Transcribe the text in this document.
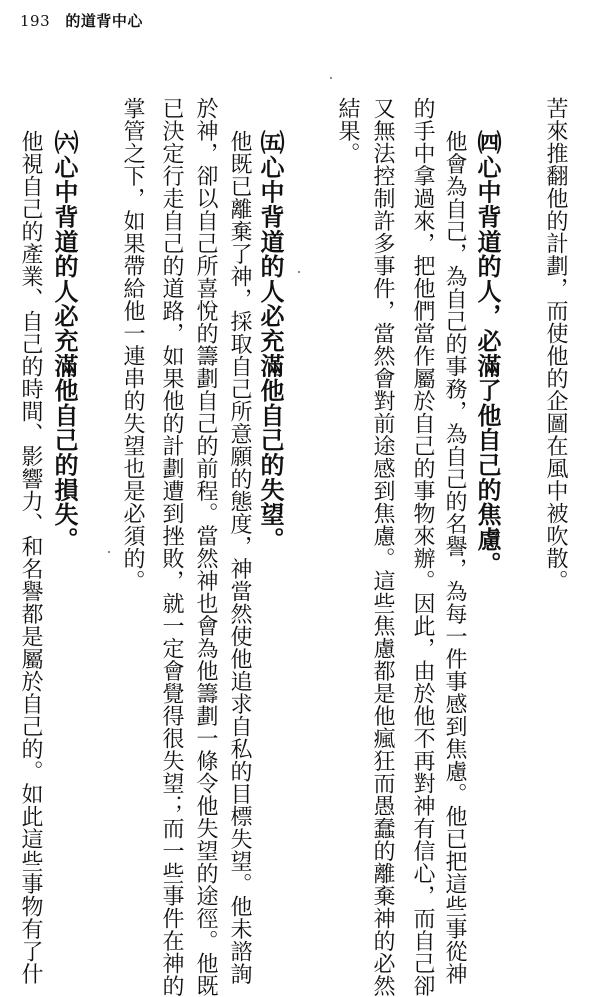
193 的道背中心
苦來推翻他的計劃，而使他的企圖在風中被吹散。
㈣心中背道的人，必滿了他自己的焦慮。
他會為自己，為自己的事務，為自己的名譽，為每一件事感到焦慮。他已把這些事從神
的手中拿過來，把他們當作屬於自己的事物來辦。因此，由於他不再對神有信心，而自己卻
又無法控制許多事件，當然會對前途感到焦慮。這些焦慮都是他瘋狂而愚蠢的離棄神的必然
結果。
㈤心中背道的人必充滿他自己的失望。
他既已離棄了神，採取自己所意願的態度，神當然使他追求自私的目標失望。他未諮詢
於神，卻以自己所喜悅的籌劃自己的前程。當然神也會為他籌劃一條令他失望的途徑。他既
已決定行走自己的道路，如果他的計劃遭到挫敗，就一定會覺得很失望；而一些事件在神的
掌管之下，如果帶給他一連串的失望也是必須的。
㈥心中背道的人必充滿他自己的損失。
他視自己的產業、自己的時間、影響力、和名譽都是屬於自己的。如此這些事物有了什
